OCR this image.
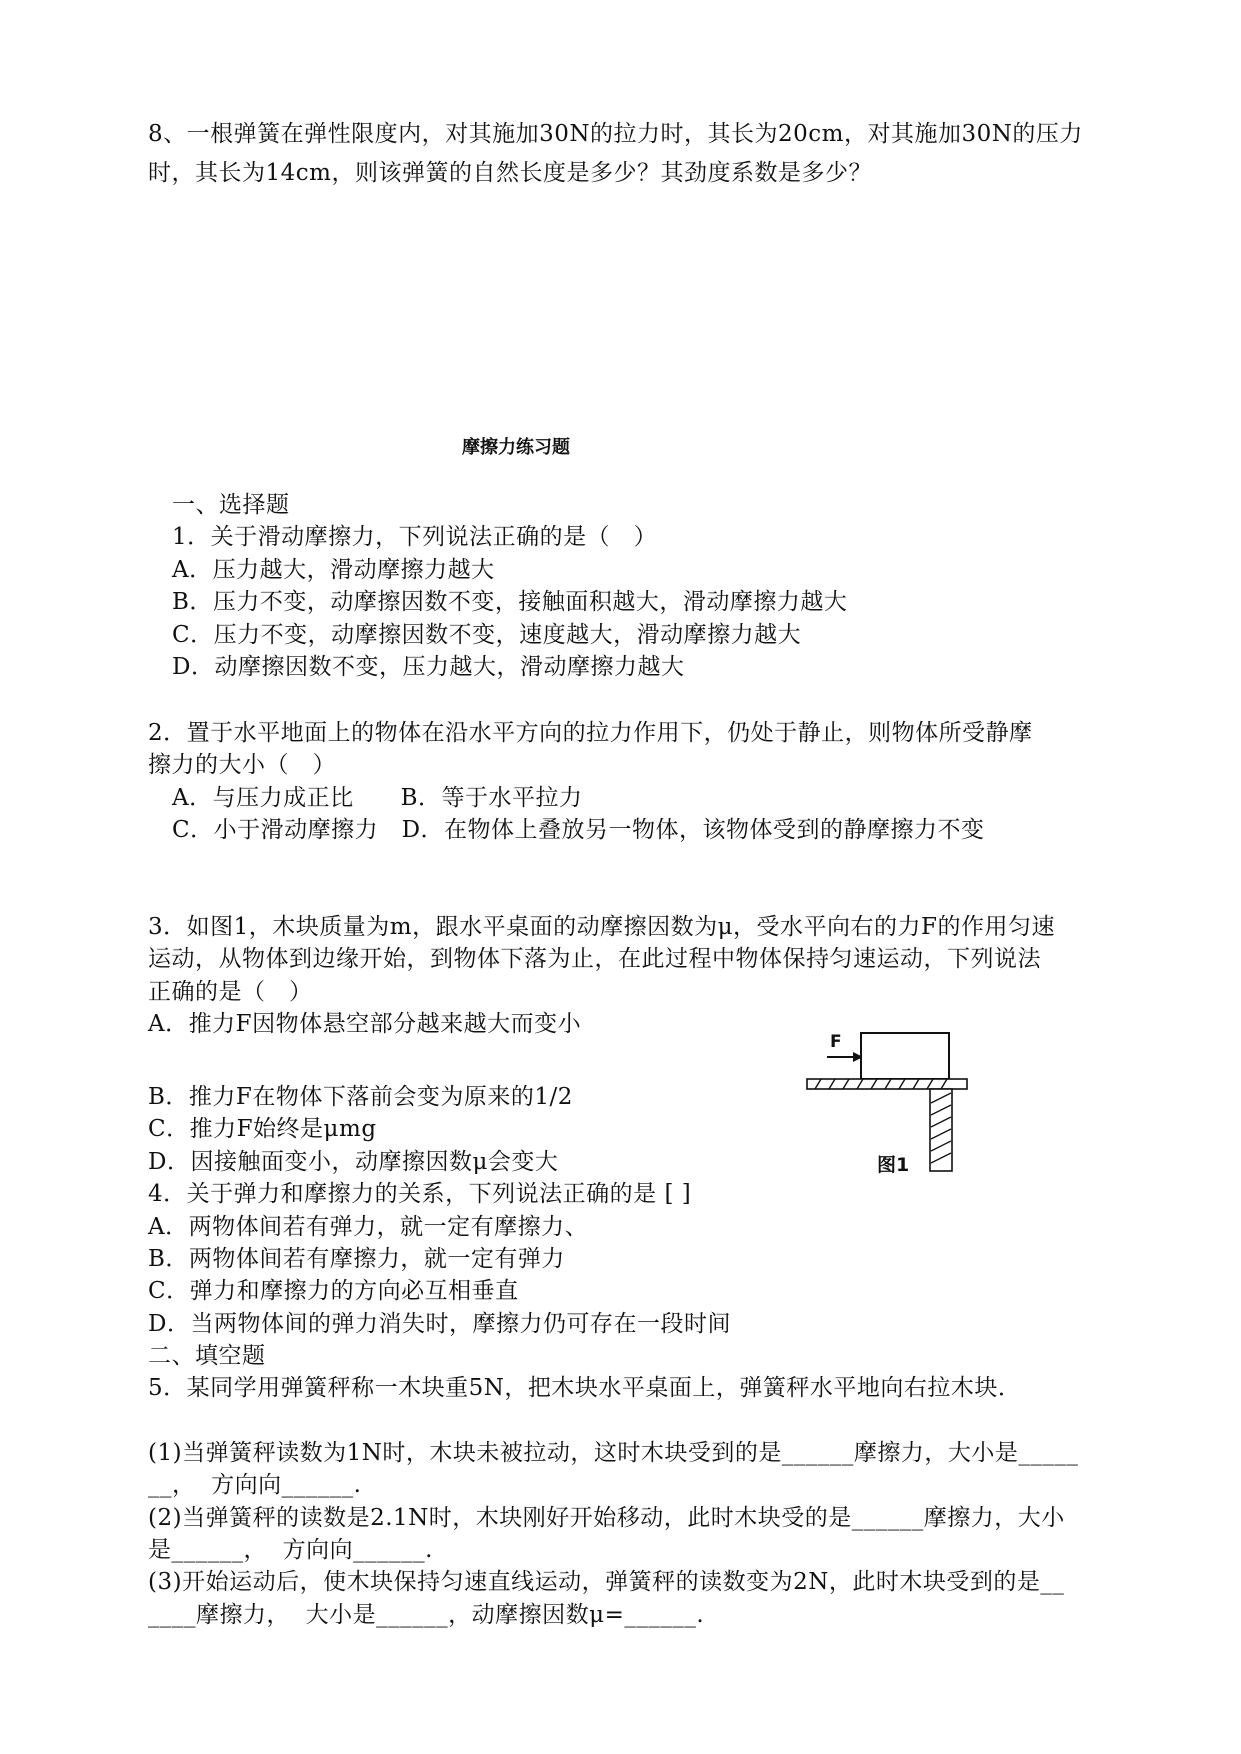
8、一根弹簧在弹性限度内，对其施加30N的拉力时，其长为20cm，对其施加30N的压力
时，其长为14cm，则该弹簧的自然长度是多少？其劲度系数是多少？
摩擦力练习题
一、选择题
1．关于滑动摩擦力，下列说法正确的是（　）
A．压力越大，滑动摩擦力越大
B．压力不变，动摩擦因数不变，接触面积越大，滑动摩擦力越大
C．压力不变，动摩擦因数不变，速度越大，滑动摩擦力越大
D．动摩擦因数不变，压力越大，滑动摩擦力越大
2．置于水平地面上的物体在沿水平方向的拉力作用下，仍处于静止，则物体所受静摩
擦力的大小（　）
A．与压力成正比　　B．等于水平拉力
C．小于滑动摩擦力　D．在物体上叠放另一物体，该物体受到的静摩擦力不变
3．如图1，木块质量为m，跟水平桌面的动摩擦因数为μ，受水平向右的力F的作用匀速
运动，从物体到边缘开始，到物体下落为止，在此过程中物体保持匀速运动，下列说法
正确的是（　）
A．推力F因物体悬空部分越来越大而变小
B．推力F在物体下落前会变为原来的1/2
C．推力F始终是μmg
D．因接触面变小，动摩擦因数μ会变大
F
图1
4．关于弹力和摩擦力的关系，下列说法正确的是 [ ]
A．两物体间若有弹力，就一定有摩擦力、
B．两物体间若有摩擦力，就一定有弹力
C．弹力和摩擦力的方向必互相垂直
D．当两物体间的弹力消失时，摩擦力仍可存在一段时间
二、填空题
5．某同学用弹簧秤称一木块重5N，把木块水平桌面上，弹簧秤水平地向右拉木块．
(1)当弹簧秤读数为1N时，木块未被拉动，这时木块受到的是______摩擦力，大小是_____
__，  方向向______.
(2)当弹簧秤的读数是2.1N时，木块刚好开始移动，此时木块受的是______摩擦力，大小
是______，  方向向______.
(3)开始运动后，使木块保持匀速直线运动，弹簧秤的读数变为2N，此时木块受到的是__
____摩擦力，  大小是______，动摩擦因数μ=______.
